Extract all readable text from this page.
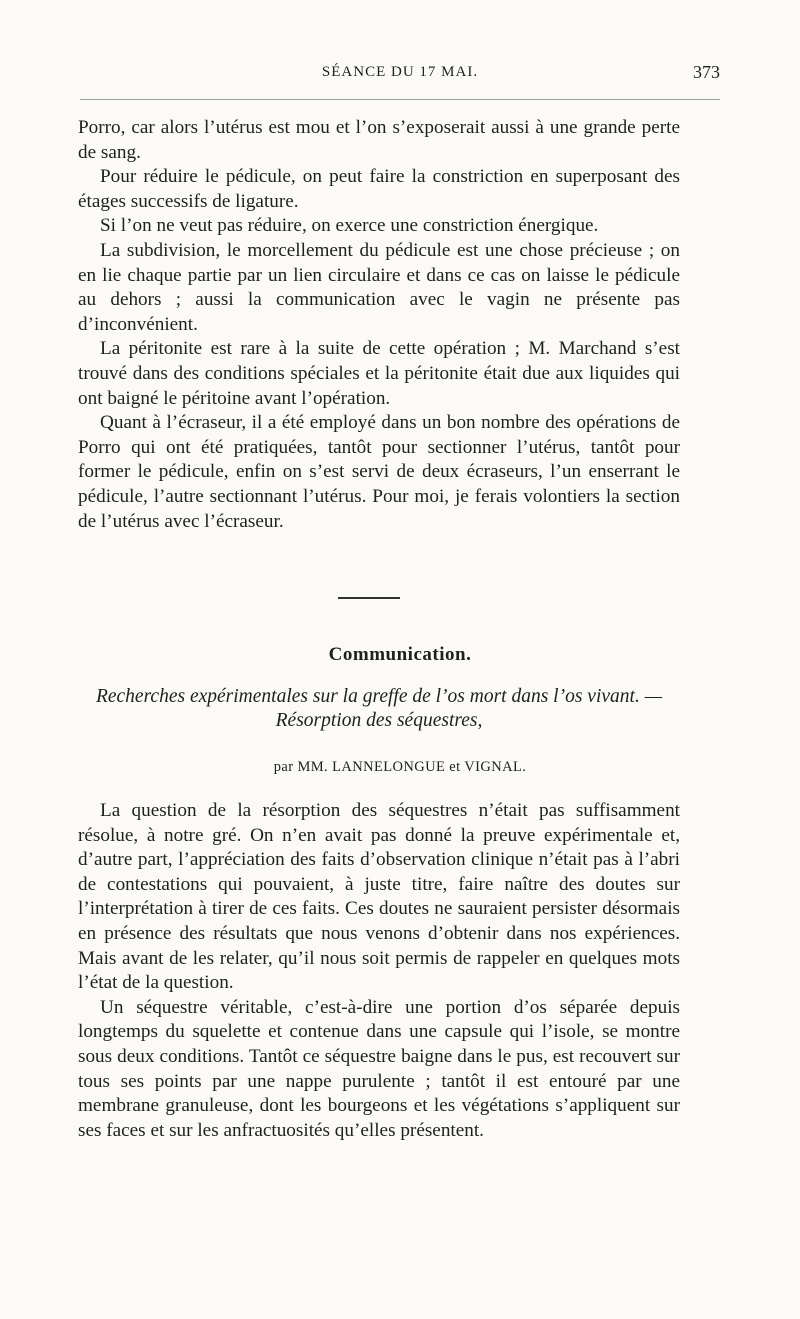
SÉANCE DU 17 MAI.	373

Porro, car alors l’utérus est mou et l’on s’exposerait aussi à une grande perte de sang.

Pour réduire le pédicule, on peut faire la constriction en superposant des étages successifs de ligature.

Si l’on ne veut pas réduire, on exerce une constriction énergique.

La subdivision, le morcellement du pédicule est une chose précieuse ; on en lie chaque partie par un lien circulaire et dans ce cas on laisse le pédicule au dehors ; aussi la communication avec le vagin ne présente pas d’inconvénient.

La péritonite est rare à la suite de cette opération ; M. Marchand s’est trouvé dans des conditions spéciales et la péritonite était due aux liquides qui ont baigné le péritoine avant l’opération.

Quant à l’écraseur, il a été employé dans un bon nombre des opérations de Porro qui ont été pratiquées, tantôt pour sectionner l’utérus, tantôt pour former le pédicule, enfin on s’est servi de deux écraseurs, l’un enserrant le pédicule, l’autre sectionnant l’utérus. Pour moi, je ferais volontiers la section de l’utérus avec l’écraseur.

Communication.
Recherches expérimentales sur la greffe de l’os mort dans l’os vivant. — Résorption des séquestres,
par MM. LANNELONGUE et VIGNAL.

La question de la résorption des séquestres n’était pas suffisamment résolue, à notre gré. On n’en avait pas donné la preuve expérimentale et, d’autre part, l’appréciation des faits d’observation clinique n’était pas à l’abri de contestations qui pouvaient, à juste titre, faire naître des doutes sur l’interprétation à tirer de ces faits. Ces doutes ne sauraient persister désormais en présence des résultats que nous venons d’obtenir dans nos expériences. Mais avant de les relater, qu’il nous soit permis de rappeler en quelques mots l’état de la question.

Un séquestre véritable, c’est-à-dire une portion d’os séparée depuis longtemps du squelette et contenue dans une capsule qui l’isole, se montre sous deux conditions. Tantôt ce séquestre baigne dans le pus, est recouvert sur tous ses points par une nappe purulente ; tantôt il est entouré par une membrane granuleuse, dont les bourgeons et les végétations s’appliquent sur ses faces et sur les anfractuosités qu’elles présentent.
